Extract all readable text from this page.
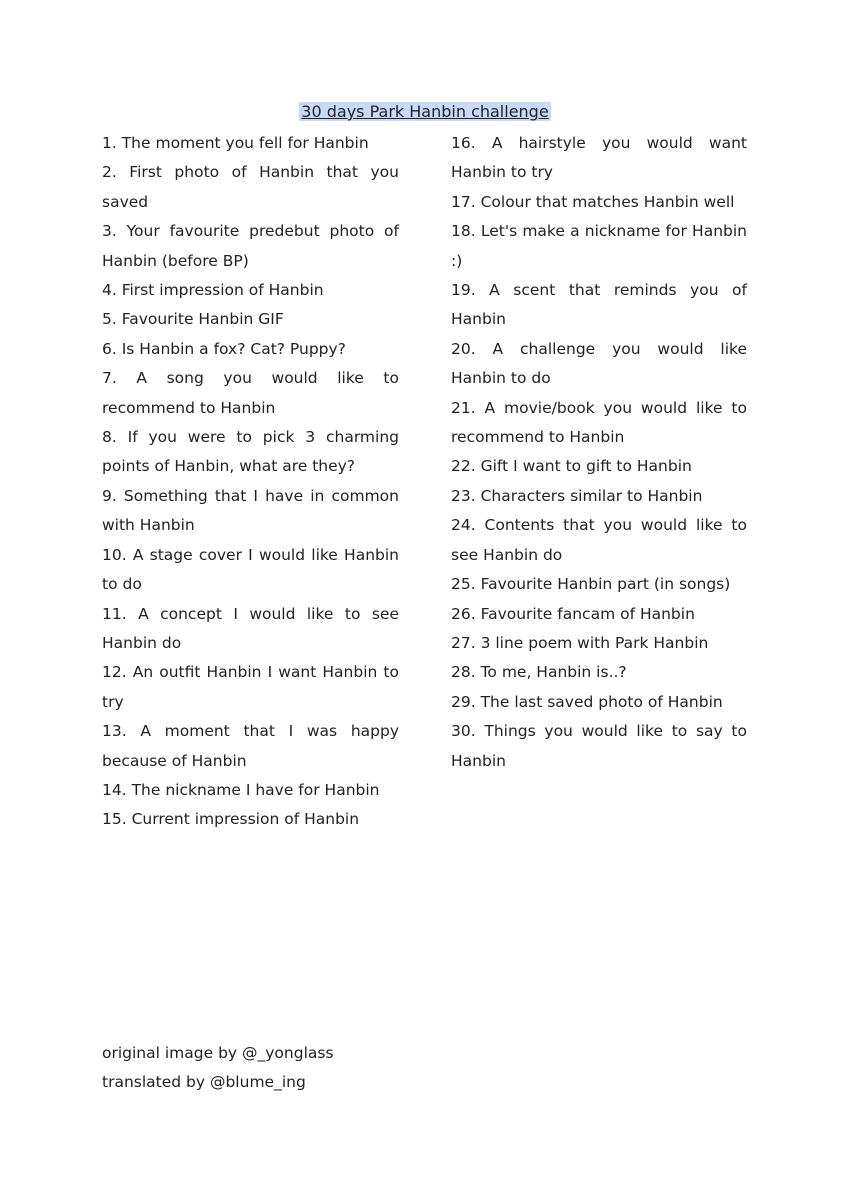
30 days Park Hanbin challenge
1. The moment you fell for Hanbin
2. First photo of Hanbin that you saved
3. Your favourite predebut photo of Hanbin (before BP)
4. First impression of Hanbin
5. Favourite Hanbin GIF
6. Is Hanbin a fox? Cat? Puppy?
7. A song you would like to recommend to Hanbin
8. If you were to pick 3 charming points of Hanbin, what are they?
9. Something that I have in common with Hanbin
10. A stage cover I would like Hanbin to do
11. A concept I would like to see Hanbin do
12. An outfit Hanbin I want Hanbin to try
13. A moment that I was happy because of Hanbin
14. The nickname I have for Hanbin
15. Current impression of Hanbin
16. A hairstyle you would want Hanbin to try
17. Colour that matches Hanbin well
18. Let's make a nickname for Hanbin :)
19. A scent that reminds you of Hanbin
20. A challenge you would like Hanbin to do
21. A movie/book you would like to recommend to Hanbin
22. Gift I want to gift to Hanbin
23. Characters similar to Hanbin
24. Contents that you would like to see Hanbin do
25. Favourite Hanbin part (in songs)
26. Favourite fancam of Hanbin
27. 3 line poem with Park Hanbin
28. To me, Hanbin is..?
29. The last saved photo of Hanbin
30. Things you would like to say to Hanbin
original image by @_yonglass
translated by @blume_ing
